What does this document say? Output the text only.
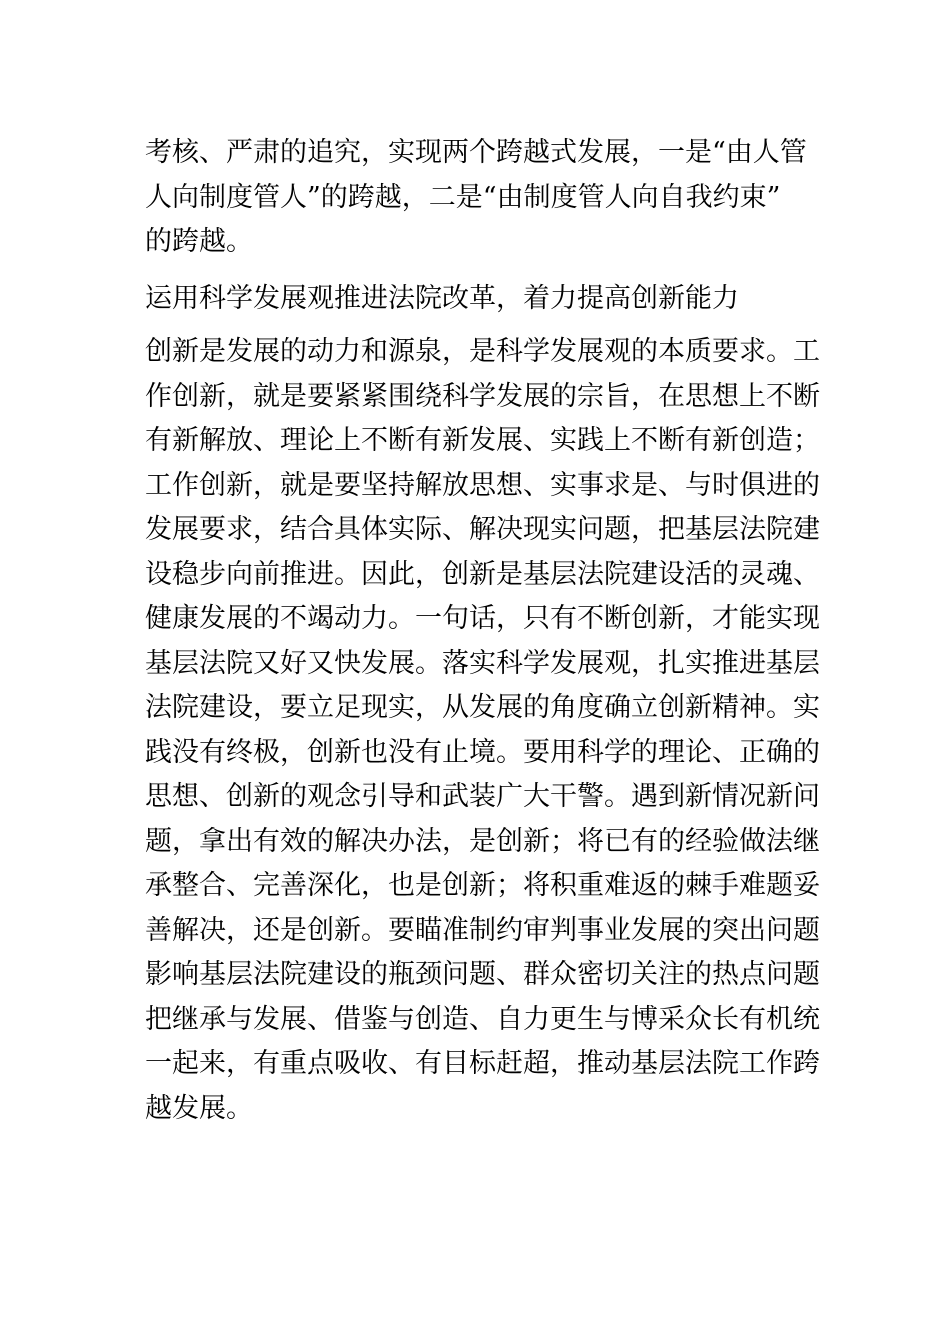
考核、严肃的追究，实现两个跨越式发展，一是“由人管
人向制度管人”的跨越，二是“由制度管人向自我约束”
的跨越。
运用科学发展观推进法院改革，着力提高创新能力
创新是发展的动力和源泉，是科学发展观的本质要求。工
作创新，就是要紧紧围绕科学发展的宗旨，在思想上不断
有新解放、理论上不断有新发展、实践上不断有新创造；
工作创新，就是要坚持解放思想、实事求是、与时俱进的
发展要求，结合具体实际、解决现实问题，把基层法院建
设稳步向前推进。因此，创新是基层法院建设活的灵魂、
健康发展的不竭动力。一句话，只有不断创新，才能实现
基层法院又好又快发展。落实科学发展观，扎实推进基层
法院建设，要立足现实，从发展的角度确立创新精神。实
践没有终极，创新也没有止境。要用科学的理论、正确的
思想、创新的观念引导和武装广大干警。遇到新情况新问
题，拿出有效的解决办法，是创新；将已有的经验做法继
承整合、完善深化，也是创新；将积重难返的棘手难题妥
善解决，还是创新。要瞄准制约审判事业发展的突出问题
影响基层法院建设的瓶颈问题、群众密切关注的热点问题
把继承与发展、借鉴与创造、自力更生与博采众长有机统
一起来，有重点吸收、有目标赶超，推动基层法院工作跨
越发展。
